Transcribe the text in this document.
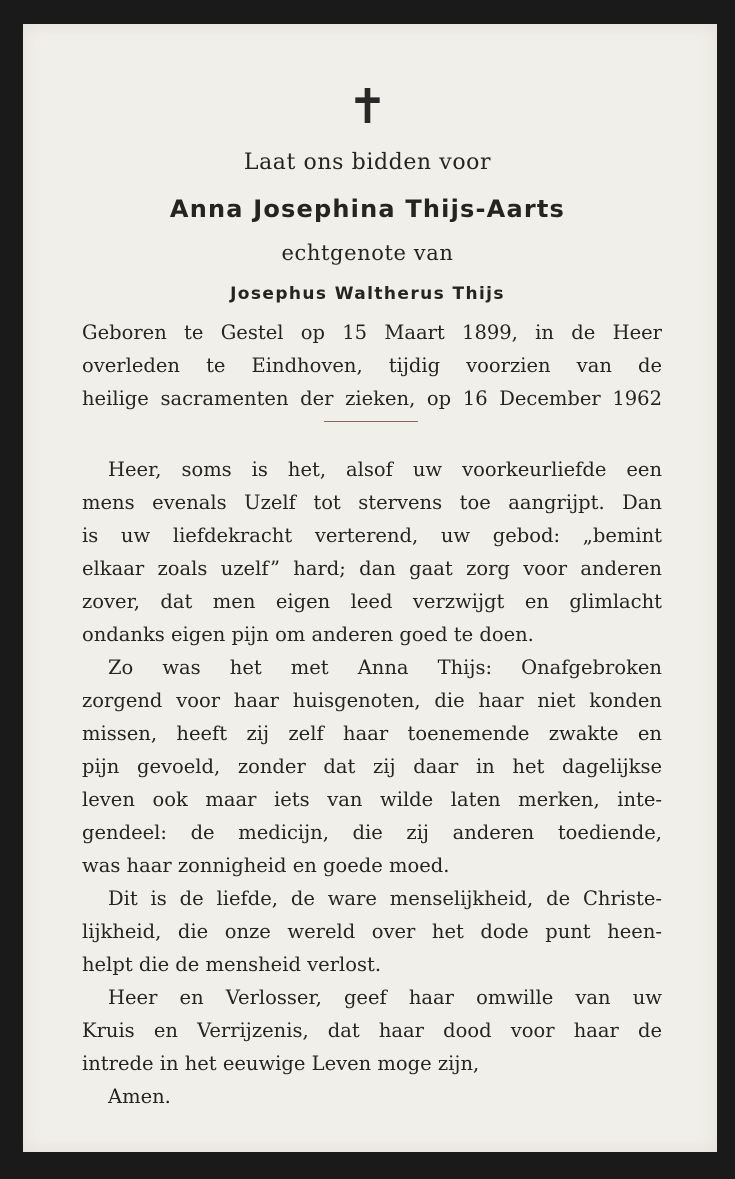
✝
Laat ons bidden voor
Anna Josephina Thijs-Aarts
echtgenote van
Josephus Waltherus Thijs
Geboren te Gestel op 15 Maart 1899, in de Heer
overleden te Eindhoven, tijdig voorzien van de
heilige sacramenten der zieken, op 16 December 1962
Heer, soms is het, alsof uw voorkeurliefde een
mens evenals Uzelf tot stervens toe aangrijpt. Dan
is uw liefdekracht verterend, uw gebod: „bemint
elkaar zoals uzelf” hard; dan gaat zorg voor anderen
zover, dat men eigen leed verzwijgt en glimlacht
ondanks eigen pijn om anderen goed te doen.
Zo was het met Anna Thijs: Onafgebroken
zorgend voor haar huisgenoten, die haar niet konden
missen, heeft zij zelf haar toenemende zwakte en
pijn gevoeld, zonder dat zij daar in het dagelijkse
leven ook maar iets van wilde laten merken, inte-
gendeel: de medicijn, die zij anderen toediende,
was haar zonnigheid en goede moed.
Dit is de liefde, de ware menselijkheid, de Christe-
lijkheid, die onze wereld over het dode punt heen-
helpt die de mensheid verlost.
Heer en Verlosser, geef haar omwille van uw
Kruis en Verrijzenis, dat haar dood voor haar de
intrede in het eeuwige Leven moge zijn,
Amen.
